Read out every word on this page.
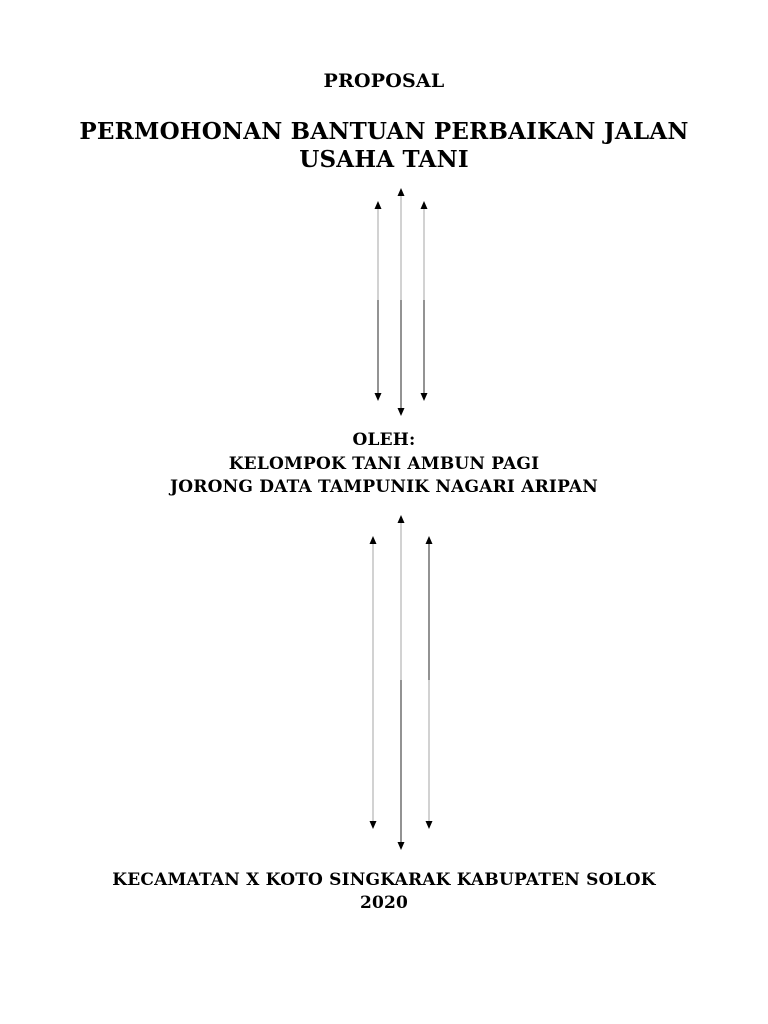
PROPOSAL
PERMOHONAN BANTUAN PERBAIKAN JALAN
USAHA TANI
OLEH:
KELOMPOK TANI AMBUN PAGI
JORONG DATA TAMPUNIK NAGARI ARIPAN
KECAMATAN X KOTO SINGKARAK KABUPATEN SOLOK
2020
